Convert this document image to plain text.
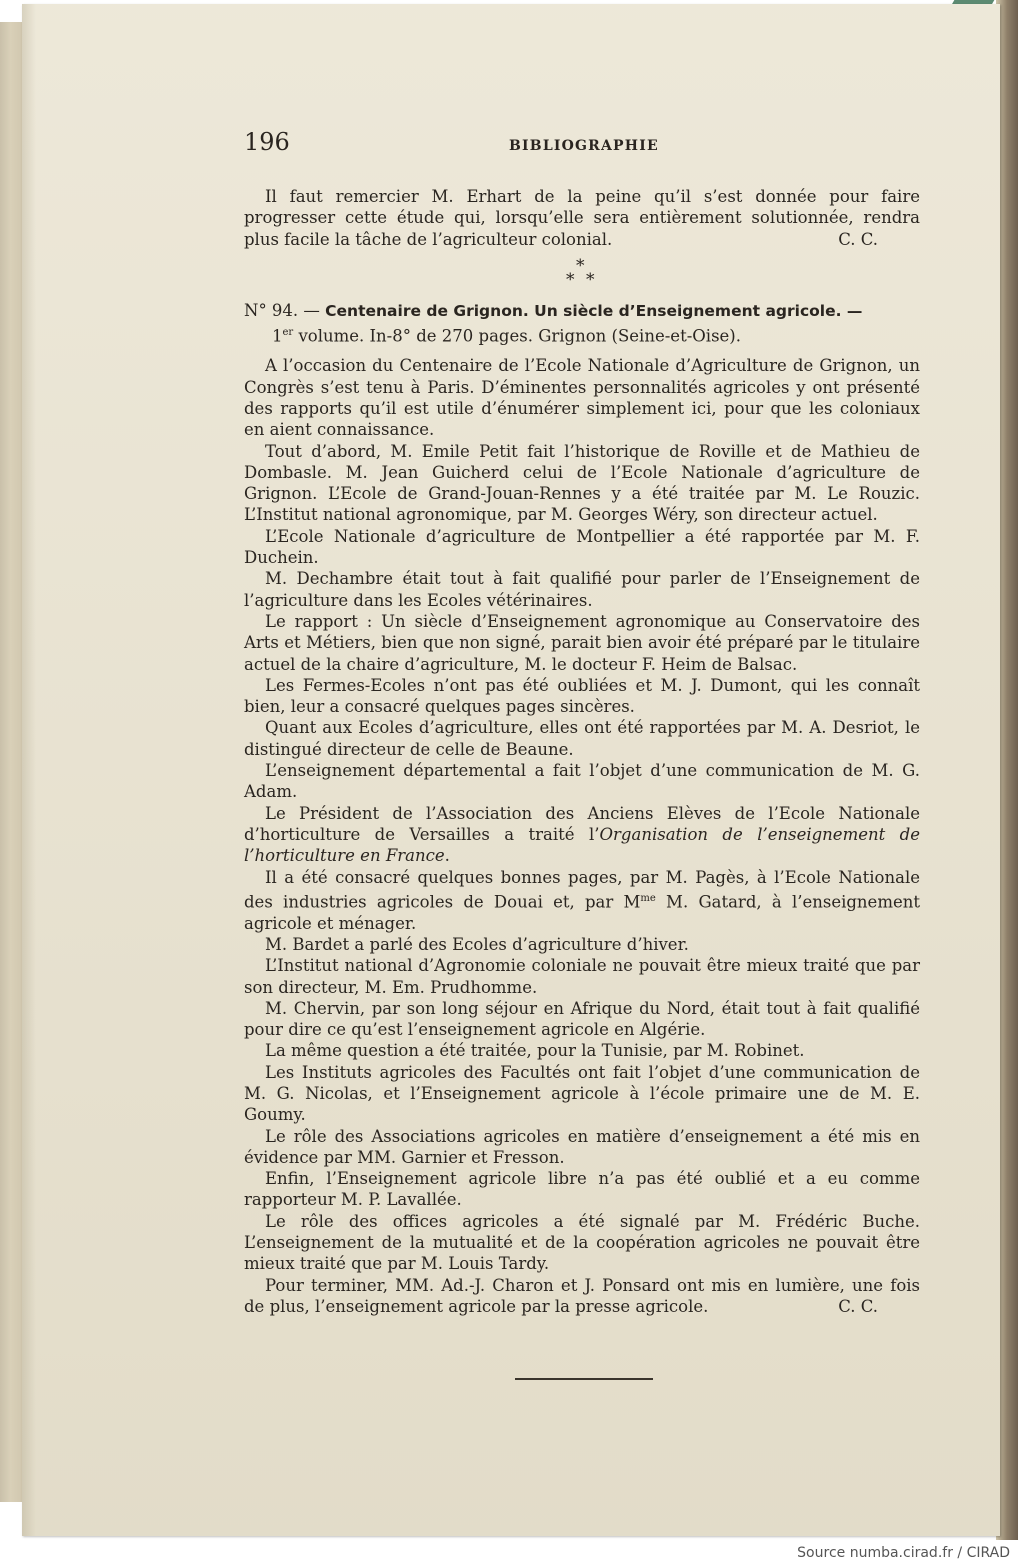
196	BIBLIOGRAPHIE

Il faut remercier M. Erhart de la peine qu’il s’est donnée pour faire progresser cette étude qui, lorsqu’elle sera entièrement solutionnée, rendra plus facile la tâche de l’agriculteur colonial.	C. C.

*
* *
N° 94. — Centenaire de Grignon. Un siècle d’Enseignement agricole. —
1er volume. In-8° de 270 pages. Grignon (Seine-et-Oise).

A l’occasion du Centenaire de l’Ecole Nationale d’Agriculture de Grignon, un Congrès s’est tenu à Paris. D’éminentes personnalités agricoles y ont présenté des rapports qu’il est utile d’énumérer simplement ici, pour que les coloniaux en aient connaissance.

Tout d’abord, M. Emile Petit fait l’historique de Roville et de Mathieu de Dombasle. M. Jean Guicherd celui de l’Ecole Nationale d’agriculture de Grignon. L’Ecole de Grand-Jouan-Rennes y a été traitée par M. Le Rouzic. L’Institut national agronomique, par M. Georges Wéry, son directeur actuel.

L’Ecole Nationale d’agriculture de Montpellier a été rapportée par M. F. Duchein.

M. Dechambre était tout à fait qualifié pour parler de l’Enseignement de l’agriculture dans les Ecoles vétérinaires.

Le rapport : Un siècle d’Enseignement agronomique au Conservatoire des Arts et Métiers, bien que non signé, parait bien avoir été préparé par le titulaire actuel de la chaire d’agriculture, M. le docteur F. Heim de Balsac.

Les Fermes-Ecoles n’ont pas été oubliées et M. J. Dumont, qui les connaît bien, leur a consacré quelques pages sincères.

Quant aux Ecoles d’agriculture, elles ont été rapportées par M. A. Desriot, le distingué directeur de celle de Beaune.

L’enseignement départemental a fait l’objet d’une communication de M. G. Adam.

Le Président de l’Association des Anciens Elèves de l’Ecole Nationale d’horticulture de Versailles a traité l’Organisation de l’enseignement de l’horticulture en France.

Il a été consacré quelques bonnes pages, par M. Pagès, à l’Ecole Nationale des industries agricoles de Douai et, par $M^{me}$ M. Gatard, à l’enseignement agricole et ménager.

M. Bardet a parlé des Ecoles d’agriculture d’hiver.

L’Institut national d’Agronomie coloniale ne pouvait être mieux traité que par son directeur, M. Em. Prudhomme.

M. Chervin, par son long séjour en Afrique du Nord, était tout à fait qualifié pour dire ce qu’est l’enseignement agricole en Algérie.

La même question a été traitée, pour la Tunisie, par M. Robinet.

Les Instituts agricoles des Facultés ont fait l’objet d’une communication de M. G. Nicolas, et l’Enseignement agricole à l’école primaire une de M. E. Goumy.

Le rôle des Associations agricoles en matière d’enseignement a été mis en évidence par MM. Garnier et Fresson.

Enfin, l’Enseignement agricole libre n’a pas été oublié et a eu comme rapporteur M. P. Lavallée.

Le rôle des offices agricoles a été signalé par M. Frédéric Buche. L’enseignement de la mutualité et de la coopération agricoles ne pouvait être mieux traité que par M. Louis Tardy.

Pour terminer, MM. Ad.-J. Charon et J. Ponsard ont mis en lumière, une fois de plus, l’enseignement agricole par la presse agricole.	C. C.

Source numba.cirad.fr / CIRAD
